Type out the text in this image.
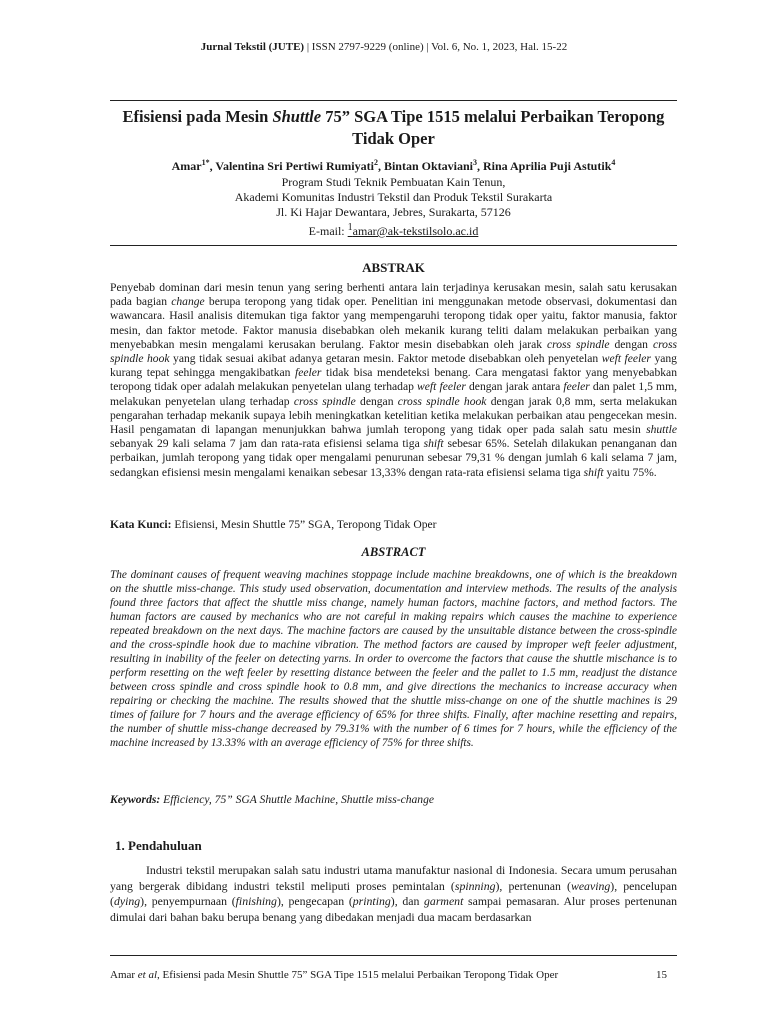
Jurnal Tekstil (JUTE) | ISSN 2797-9229 (online) | Vol. 6, No. 1, 2023, Hal. 15-22
Efisiensi pada Mesin Shuttle 75” SGA Tipe 1515 melalui Perbaikan Teropong Tidak Oper
Amar$^{1*}$, Valentina Sri Pertiwi Rumiyati$^2$, Bintan Oktaviani$^3$, Rina Aprilia Puji Astutik$^4$
Program Studi Teknik Pembuatan Kain Tenun,
Akademi Komunitas Industri Tekstil dan Produk Tekstil Surakarta
Jl. Ki Hajar Dewantara, Jebres, Surakarta, 57126
E-mail: $^1$amar@ak-tekstilsolo.ac.id
ABSTRAK
Penyebab dominan dari mesin tenun yang sering berhenti antara lain terjadinya kerusakan mesin, salah satu kerusakan pada bagian change berupa teropong yang tidak oper. Penelitian ini menggunakan metode observasi, dokumentasi dan wawancara. Hasil analisis ditemukan tiga faktor yang mempengaruhi teropong tidak oper yaitu, faktor manusia, faktor mesin, dan faktor metode. Faktor manusia disebabkan oleh mekanik kurang teliti dalam melakukan perbaikan yang menyebabkan mesin mengalami kerusakan berulang. Faktor mesin disebabkan oleh jarak cross spindle dengan cross spindle hook yang tidak sesuai akibat adanya getaran mesin. Faktor metode disebabkan oleh penyetelan weft feeler yang kurang tepat sehingga mengakibatkan feeler tidak bisa mendeteksi benang. Cara mengatasi faktor yang menyebabkan teropong tidak oper adalah melakukan penyetelan ulang terhadap weft feeler dengan jarak antara feeler dan palet 1,5 mm, melakukan penyetelan ulang terhadap cross spindle dengan cross spindle hook dengan jarak 0,8 mm, serta melakukan pengarahan terhadap mekanik supaya lebih meningkatkan ketelitian ketika melakukan perbaikan atau pengecekan mesin. Hasil pengamatan di lapangan menunjukkan bahwa jumlah teropong yang tidak oper pada salah satu mesin shuttle sebanyak 29 kali selama 7 jam dan rata-rata efisiensi selama tiga shift sebesar 65%. Setelah dilakukan penanganan dan perbaikan, jumlah teropong yang tidak oper mengalami penurunan sebesar 79,31 % dengan jumlah 6 kali selama 7 jam, sedangkan efisiensi mesin mengalami kenaikan sebesar 13,33% dengan rata-rata efisiensi selama tiga shift yaitu 75%.
Kata Kunci: Efisiensi, Mesin Shuttle 75” SGA, Teropong Tidak Oper
ABSTRACT
The dominant causes of frequent weaving machines stoppage include machine breakdowns, one of which is the breakdown on the shuttle miss-change. This study used observation, documentation and interview methods. The results of the analysis found three factors that affect the shuttle miss change, namely human factors, machine factors, and method factors. The human factors are caused by mechanics who are not careful in making repairs which causes the machine to experience repeated breakdown on the next days. The machine factors are caused by the unsuitable distance between the cross-spindle and the cross-spindle hook due to machine vibration. The method factors are caused by improper weft feeler adjustment, resulting in inability of the feeler on detecting yarns. In order to overcome the factors that cause the shuttle mischance is to perform resetting on the weft feeler by resetting distance between the feeler and the pallet to 1.5 mm, readjust the distance between cross spindle and cross spindle hook to 0.8 mm, and give directions the mechanics to increase accuracy when repairing or checking the machine. The results showed that the shuttle miss-change on one of the shuttle machines is 29 times of failure for 7 hours and the average efficiency of 65% for three shifts. Finally, after machine resetting and repairs, the number of shuttle miss-change decreased by 79.31% with the number of 6 times for 7 hours, while the efficiency of the machine increased by 13.33% with an average efficiency of 75% for three shifts.
Keywords: Efficiency, 75” SGA Shuttle Machine, Shuttle miss-change
1. Pendahuluan

Industri tekstil merupakan salah satu industri utama manufaktur nasional di Indonesia. Secara umum perusahan yang bergerak dibidang industri tekstil meliputi proses pemintalan (spinning), pertenunan (weaving), pencelupan (dying), penyempurnaan (finishing), pengecapan (printing), dan garment sampai pemasaran. Alur proses pertenunan dimulai dari bahan baku berupa benang yang dibedakan menjadi dua macam berdasarkan

Amar et al, Efisiensi pada Mesin Shuttle 75” SGA Tipe 1515 melalui Perbaikan Teropong Tidak Oper	15
